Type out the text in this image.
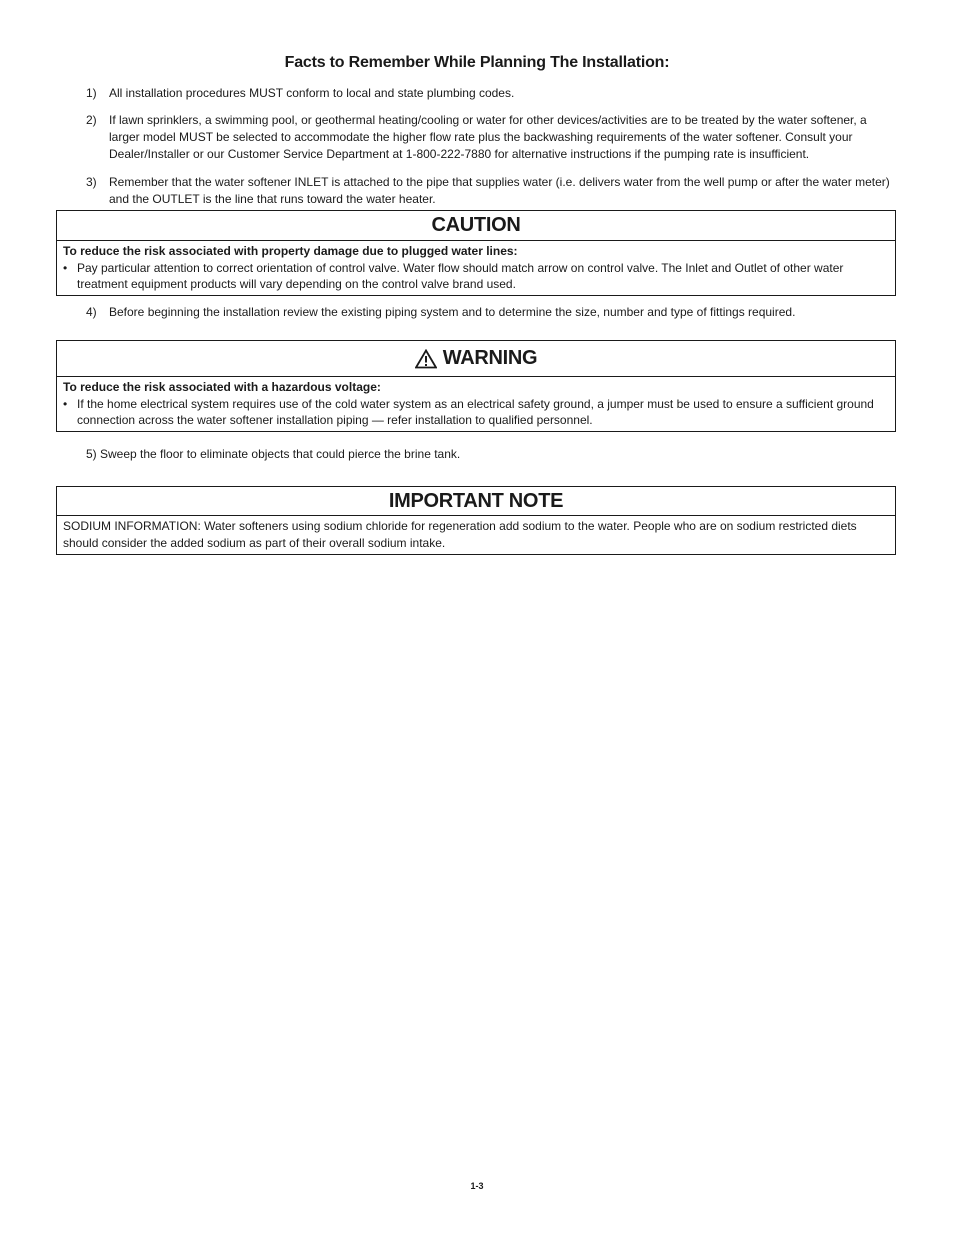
Facts to Remember While Planning The Installation:
1)	All installation procedures MUST conform to local and state plumbing codes.
2)	If lawn sprinklers, a swimming pool, or geothermal heating/cooling or water for other devices/activities are to be treated by the water softener, a larger model MUST be selected to accommodate the higher flow rate plus the backwashing requirements of the water softener. Consult your Dealer/Installer or our Customer Service Department at 1-800-222-7880 for alternative instructions if the pumping rate is insufficient.
3)	Remember that the water softener INLET is attached to the pipe that supplies water (i.e. delivers water from the well pump or after the water meter) and the OUTLET is the line that runs toward the water heater.
CAUTION
To reduce the risk associated with property damage due to plugged water lines:
• Pay particular attention to correct orientation of control valve. Water flow should match arrow on control valve. The Inlet and Outlet of other water treatment equipment products will vary depending on the control valve brand used.
4)	Before beginning the installation review the existing piping system and to determine the size, number and type of fittings required.
WARNING
To reduce the risk associated with a hazardous voltage:
• If the home electrical system requires use of the cold water system as an electrical safety ground, a jumper must be used to ensure a sufficient ground connection across the water softener installation piping — refer installation to qualified personnel.
5) Sweep the floor to eliminate objects that could pierce the brine tank.
IMPORTANT NOTE
SODIUM INFORMATION: Water softeners using sodium chloride for regeneration add sodium to the water. People who are on sodium restricted diets should consider the added sodium as part of their overall sodium intake.
1-3
